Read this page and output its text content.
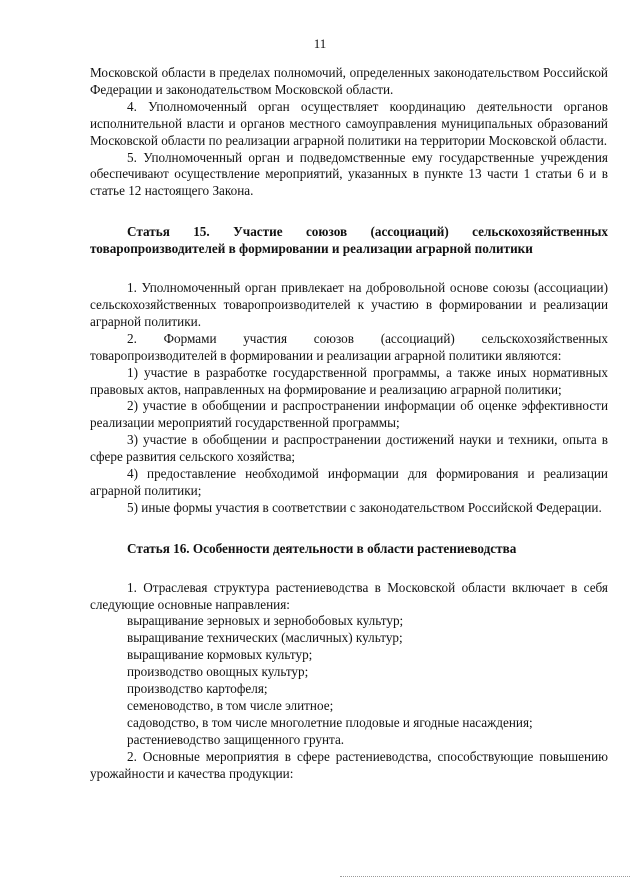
11

Московской области в пределах полномочий, определенных законодательством Российской Федерации и законодательством Московской области.

4. Уполномоченный орган осуществляет координацию деятельности органов исполнительной власти и органов местного самоуправления муниципальных образований Московской области по реализации аграрной политики на территории Московской области.

5. Уполномоченный орган и подведомственные ему государственные учреждения обеспечивают осуществление мероприятий, указанных в пункте 13 части 1 статьи 6 и в статье 12 настоящего Закона.

Статья 15. Участие союзов (ассоциаций) сельскохозяйственных товаропроизводителей в формировании и реализации аграрной политики

1. Уполномоченный орган привлекает на добровольной основе союзы (ассоциации) сельскохозяйственных товаропроизводителей к участию в формировании и реализации аграрной политики.

2. Формами участия союзов (ассоциаций) сельскохозяйственных товаропроизводителей в формировании и реализации аграрной политики являются:

1) участие в разработке государственной программы, а также иных нормативных правовых актов, направленных на формирование и реализацию аграрной политики;

2) участие в обобщении и распространении информации об оценке эффективности реализации мероприятий государственной программы;

3) участие в обобщении и распространении достижений науки и техники, опыта в сфере развития сельского хозяйства;

4) предоставление необходимой информации для формирования и реализации аграрной политики;

5) иные формы участия в соответствии с законодательством Российской Федерации.

Статья 16. Особенности деятельности в области растениеводства

1. Отраслевая структура растениеводства в Московской области включает в себя следующие основные направления:

выращивание зерновых и зернобобовых культур;

выращивание технических (масличных) культур;

выращивание кормовых культур;

производство овощных культур;

производство картофеля;

семеноводство, в том числе элитное;

садоводство, в том числе многолетние плодовые и ягодные насаждения;

растениеводство защищенного грунта.

2. Основные мероприятия в сфере растениеводства, способствующие повышению урожайности и качества продукции:
